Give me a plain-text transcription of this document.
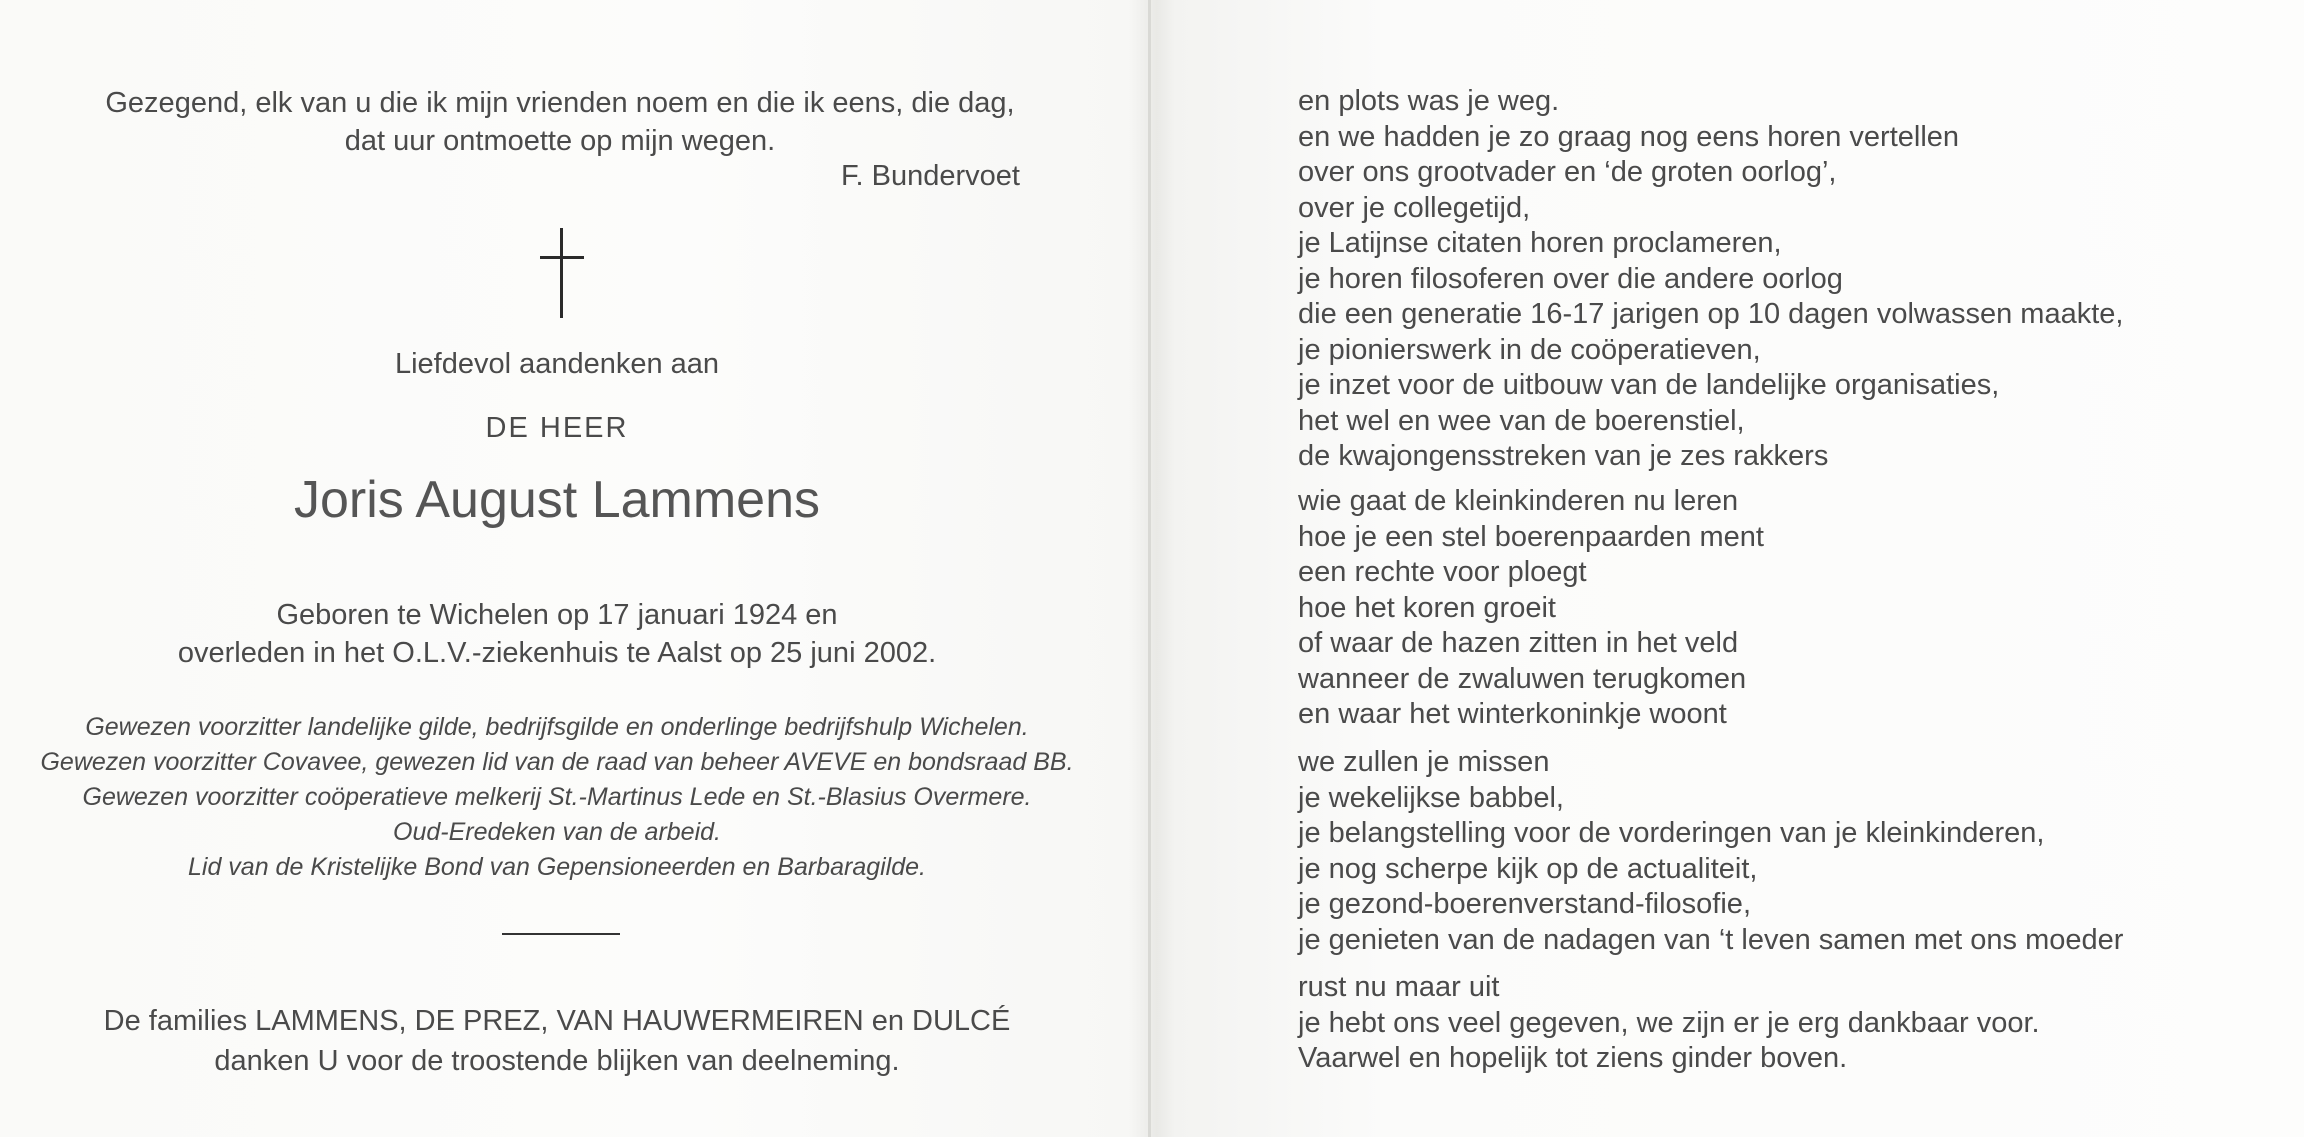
Gezegend, elk van u die ik mijn vrienden noem en die ik eens, die dag,
dat uur ontmoette op mijn wegen.
F. Bundervoet
Liefdevol aandenken aan
DE HEER
Joris August Lammens
Geboren te Wichelen op 17 januari 1924 en
overleden in het O.L.V.-ziekenhuis te Aalst op 25 juni 2002.
Gewezen voorzitter landelijke gilde, bedrijfsgilde en onderlinge bedrijfshulp Wichelen.
Gewezen voorzitter Covavee, gewezen lid van de raad van beheer AVEVE en bondsraad BB.
Gewezen voorzitter coöperatieve melkerij St.-Martinus Lede en St.-Blasius Overmere.
Oud-Eredeken van de arbeid.
Lid van de Kristelijke Bond van Gepensioneerden en Barbaragilde.
De families LAMMENS, DE PREZ, VAN HAUWERMEIREN en DULCÉ
danken U voor de troostende blijken van deelneming.
en plots was je weg.
en we hadden je zo graag nog eens horen vertellen
over ons grootvader en ‘de groten oorlog’,
over je collegetijd,
je Latijnse citaten horen proclameren,
je horen filosoferen over die andere oorlog
die een generatie 16-17 jarigen op 10 dagen volwassen maakte,
je pionierswerk in de coöperatieven,
je inzet voor de uitbouw van de landelijke organisaties,
het wel en wee van de boerenstiel,
de kwajongensstreken van je zes rakkers
wie gaat de kleinkinderen nu leren
hoe je een stel boerenpaarden ment
een rechte voor ploegt
hoe het koren groeit
of waar de hazen zitten in het veld
wanneer de zwaluwen terugkomen
en waar het winterkoninkje woont
we zullen je missen
je wekelijkse babbel,
je belangstelling voor de vorderingen van je kleinkinderen,
je nog scherpe kijk op de actualiteit,
je gezond-boerenverstand-filosofie,
je genieten van de nadagen van ‘t leven samen met ons moeder
rust nu maar uit
je hebt ons veel gegeven, we zijn er je erg dankbaar voor.
Vaarwel en hopelijk tot ziens ginder boven.
